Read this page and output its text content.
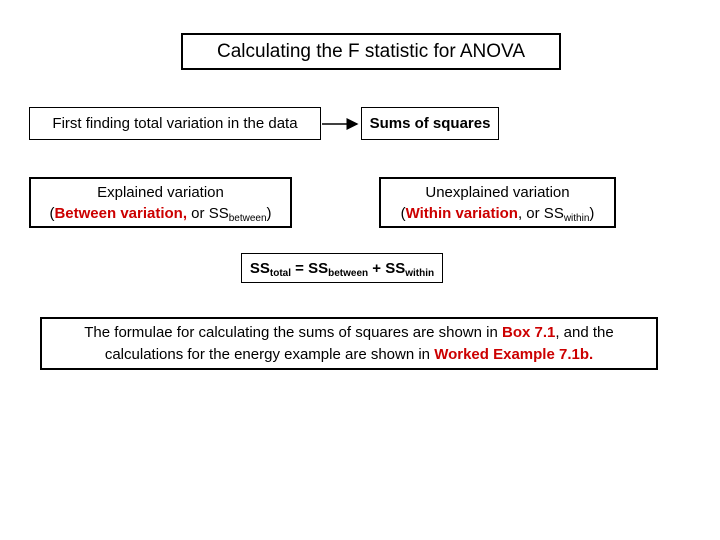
Calculating the F statistic for ANOVA
First finding total variation in the data	Sums of squares
Explained variation
(Between variation, or $SS_{between}$)
Unexplained variation
(Within variation, or $SS_{within}$)
$SS_{total} = SS_{between} + SS_{within}$
The formulae for calculating the sums of squares are shown in Box 7.1, and the
calculations for the energy example are shown in Worked Example 7.1b.
